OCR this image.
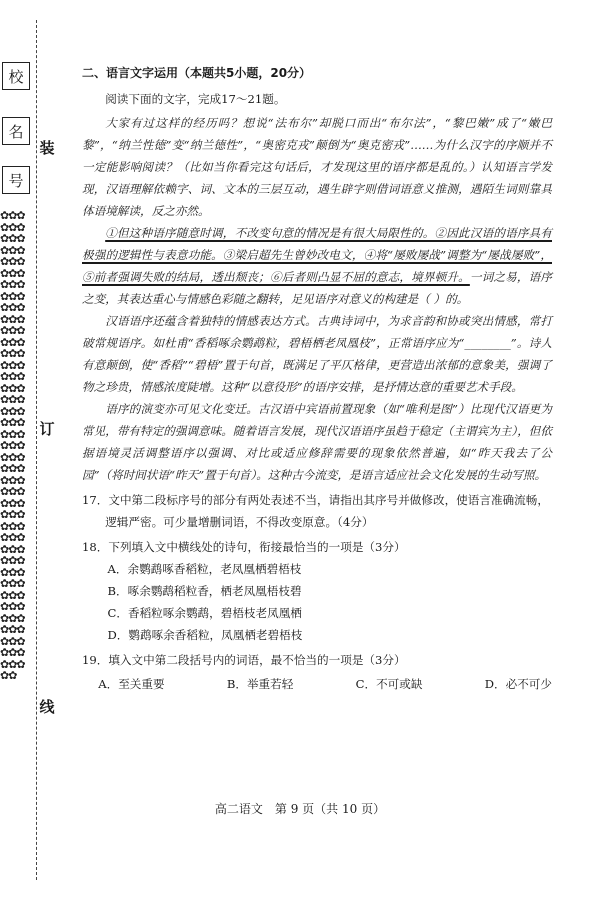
校
名
号
✿✿✿✿✿✿✿✿✿✿✿✿✿✿✿✿✿✿✿✿✿✿✿✿✿✿✿✿✿✿✿✿✿✿✿✿✿✿✿✿✿✿✿✿✿✿✿✿✿✿✿✿✿✿✿✿✿✿✿✿✿✿✿✿✿✿✿✿✿✿✿✿✿✿✿✿✿✿✿✿✿✿✿✿✿✿✿✿✿✿✿✿✿✿✿✿✿✿✿✿✿✿✿✿✿✿✿✿✿✿✿✿✿✿✿✿✿✿✿✿✿✿
装
订
线

二、语言文字运用（本题共5小题，20分）

阅读下面的文字，完成17～21题。

大家有过这样的经历吗？想说“法布尔”却脱口而出“布尔法”，“黎巴嫩”成了“嫩巴黎”，“纳兰性德”变“纳兰德性”，“奥密克戎”颠倒为“奥克密戎”……为什么汉字的序顺并不一定能影响阅读？（比如当你看完这句话后，才发现这里的语序都是乱的。）认知语言学发现，汉语理解依赖字、词、文本的三层互动，遇生辟字则借词语意义推测，遇陌生词则靠具体语境解读，反之亦然。

①但这种语序随意时调，不改变句意的情况是有很大局限性的。②因此汉语的语序具有极强的逻辑性与表意功能。③梁启超先生曾妙改电文，④将“屡败屡战”调整为“屡战屡败”，⑤前者强调失败的结局，透出颓丧；⑥后者则凸显不屈的意志，境界顿升。一词之易，语序之变，其表达重心与情感色彩随之翻转，足见语序对意义的构建是（ ）的。

汉语语序还蕴含着独特的情感表达方式。古典诗词中，为求音韵和协或突出情感，常打破常规语序。如杜甫“香稻啄余鹦鹉粒，碧梧栖老凤凰枝”，正常语序应为“________”。诗人有意颠倒，使“香稻”“碧梧”置于句首，既满足了平仄格律，更营造出浓郁的意象美，强调了物之珍贵，情感浓度陡增。这种“以意役形”的语序安排，是抒情达意的重要艺术手段。

语序的演变亦可见文化变迁。古汉语中宾语前置现象（如“唯利是图”）比现代汉语更为常见，带有特定的强调意味。随着语言发展，现代汉语语序虽趋于稳定（主谓宾为主），但依据语境灵活调整语序以强调、对比或适应修辞需要的现象依然普遍，如“昨天我去了公园”（将时间状语“昨天”置于句首）。这种古今流变，是语言适应社会文化发展的生动写照。

17．文中第二段标序号的部分有两处表述不当，请指出其序号并做修改，使语言准确流畅，逻辑严密。可少量增删词语，不得改变原意。（4分）

18．下列填入文中横线处的诗句，衔接最恰当的一项是（3分）

A．余鹦鹉啄香稻粒，老凤凰栖碧梧枝

B．啄余鹦鹉稻粒香，栖老凤凰梧枝碧

C．香稻粒啄余鹦鹉，碧梧枝老凤凰栖

D．鹦鹉啄余香稻粒，凤凰栖老碧梧枝

19．填入文中第二段括号内的词语，最不恰当的一项是（3分）

A．至关重要	B．举重若轻	C．不可或缺	D．必不可少
高二语文　第 9 页（共 10 页）
